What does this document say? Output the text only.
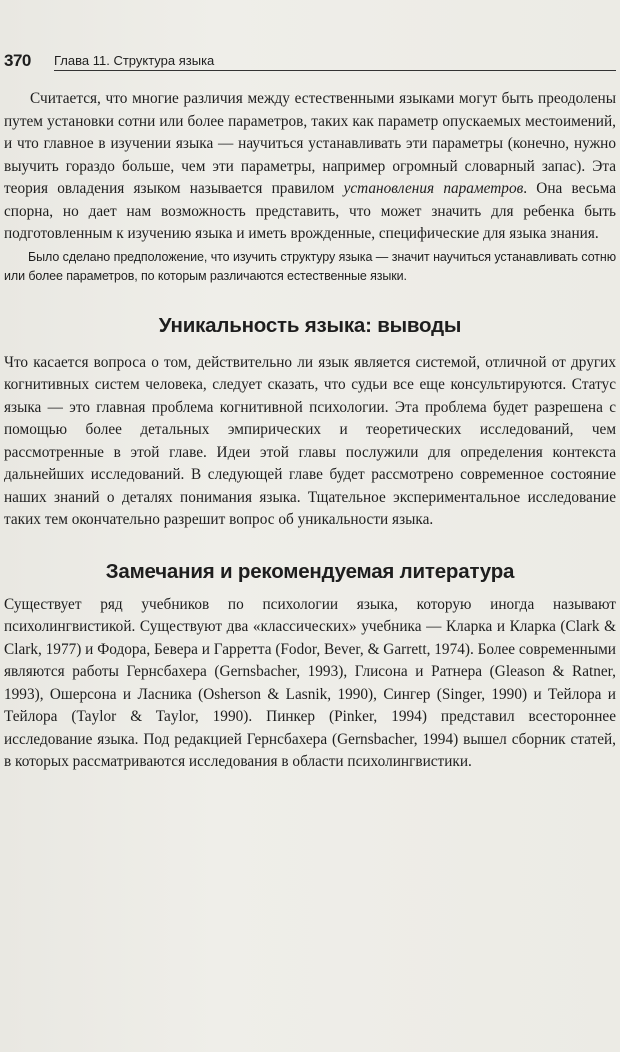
370 Глава 11. Структура языка

Считается, что многие различия между естественными языками могут быть преодолены путем установки сотни или более параметров, таких как параметр опускаемых местоимений, и что главное в изучении языка — научиться устанавливать эти параметры (конечно, нужно выучить гораздо больше, чем эти параметры, например огромный словарный запас). Эта теория овладения языком называется правилом установления параметров. Она весьма спорна, но дает нам возможность представить, что может значить для ребенка быть подготовленным к изучению языка и иметь врожденные, специфические для языка знания.

Было сделано предположение, что изучить структуру языка — значит научиться устанавливать сотню или более параметров, по которым различаются естественные языки.

Уникальность языка: выводы

Что касается вопроса о том, действительно ли язык является системой, отличной от других когнитивных систем человека, следует сказать, что судьи все еще консультируются. Статус языка — это главная проблема когнитивной психологии. Эта проблема будет разрешена с помощью более детальных эмпирических и теоретических исследований, чем рассмотренные в этой главе. Идеи этой главы послужили для определения контекста дальнейших исследований. В следующей главе будет рассмотрено современное состояние наших знаний о деталях понимания языка. Тщательное экспериментальное исследование таких тем окончательно разрешит вопрос об уникальности языка.

Замечания и рекомендуемая литература

Существует ряд учебников по психологии языка, которую иногда называют психолингвистикой. Существуют два «классических» учебника — Кларка и Кларка (Clark & Clark, 1977) и Фодора, Бевера и Гарретта (Fodor, Bever, & Garrett, 1974). Более современными являются работы Гернсбахера (Gernsbacher, 1993), Глисона и Ратнера (Gleason & Ratner, 1993), Ошерсона и Ласника (Osherson & Lasnik, 1990), Сингер (Singer, 1990) и Тейлора и Тейлора (Taylor & Taylor, 1990). Пинкер (Pinker, 1994) представил всестороннее исследование языка. Под редакцией Гернсбахера (Gernsbacher, 1994) вышел сборник статей, в которых рассматриваются исследования в области психолингвистики.
